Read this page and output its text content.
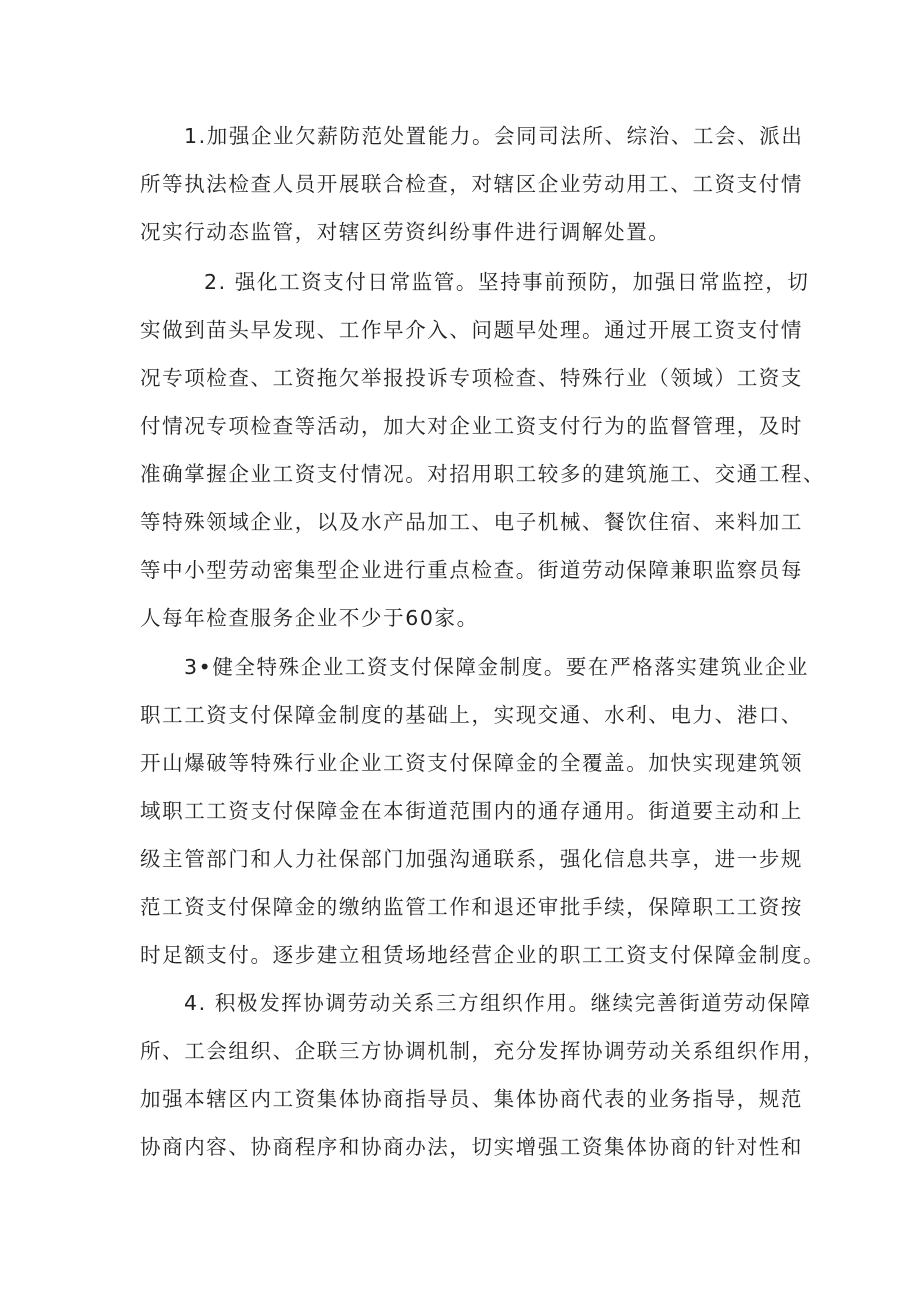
1.加强企业欠薪防范处置能力。会同司法所、综治、工会、派出
所等执法检查人员开展联合检查，对辖区企业劳动用工、工资支付情
况实行动态监管，对辖区劳资纠纷事件进行调解处置。
2. 强化工资支付日常监管。坚持事前预防，加强日常监控，切
实做到苗头早发现、工作早介入、问题早处理。通过开展工资支付情
况专项检查、工资拖欠举报投诉专项检查、特殊行业（领域）工资支
付情况专项检查等活动，加大对企业工资支付行为的监督管理，及时
准确掌握企业工资支付情况。对招用职工较多的建筑施工、交通工程、
等特殊领域企业，以及水产品加工、电子机械、餐饮住宿、来料加工
等中小型劳动密集型企业进行重点检查。街道劳动保障兼职监察员每
人每年检查服务企业不少于60家。
3•健全特殊企业工资支付保障金制度。要在严格落实建筑业企业
职工工资支付保障金制度的基础上，实现交通、水利、电力、港口、
开山爆破等特殊行业企业工资支付保障金的全覆盖。加快实现建筑领
域职工工资支付保障金在本街道范围内的通存通用。街道要主动和上
级主管部门和人力社保部门加强沟通联系，强化信息共享，进一步规
范工资支付保障金的缴纳监管工作和退还审批手续，保障职工工资按
时足额支付。逐步建立租赁场地经营企业的职工工资支付保障金制度。
4. 积极发挥协调劳动关系三方组织作用。继续完善街道劳动保障
所、工会组织、企联三方协调机制，充分发挥协调劳动关系组织作用，
加强本辖区内工资集体协商指导员、集体协商代表的业务指导，规范
协商内容、协商程序和协商办法，切实增强工资集体协商的针对性和
